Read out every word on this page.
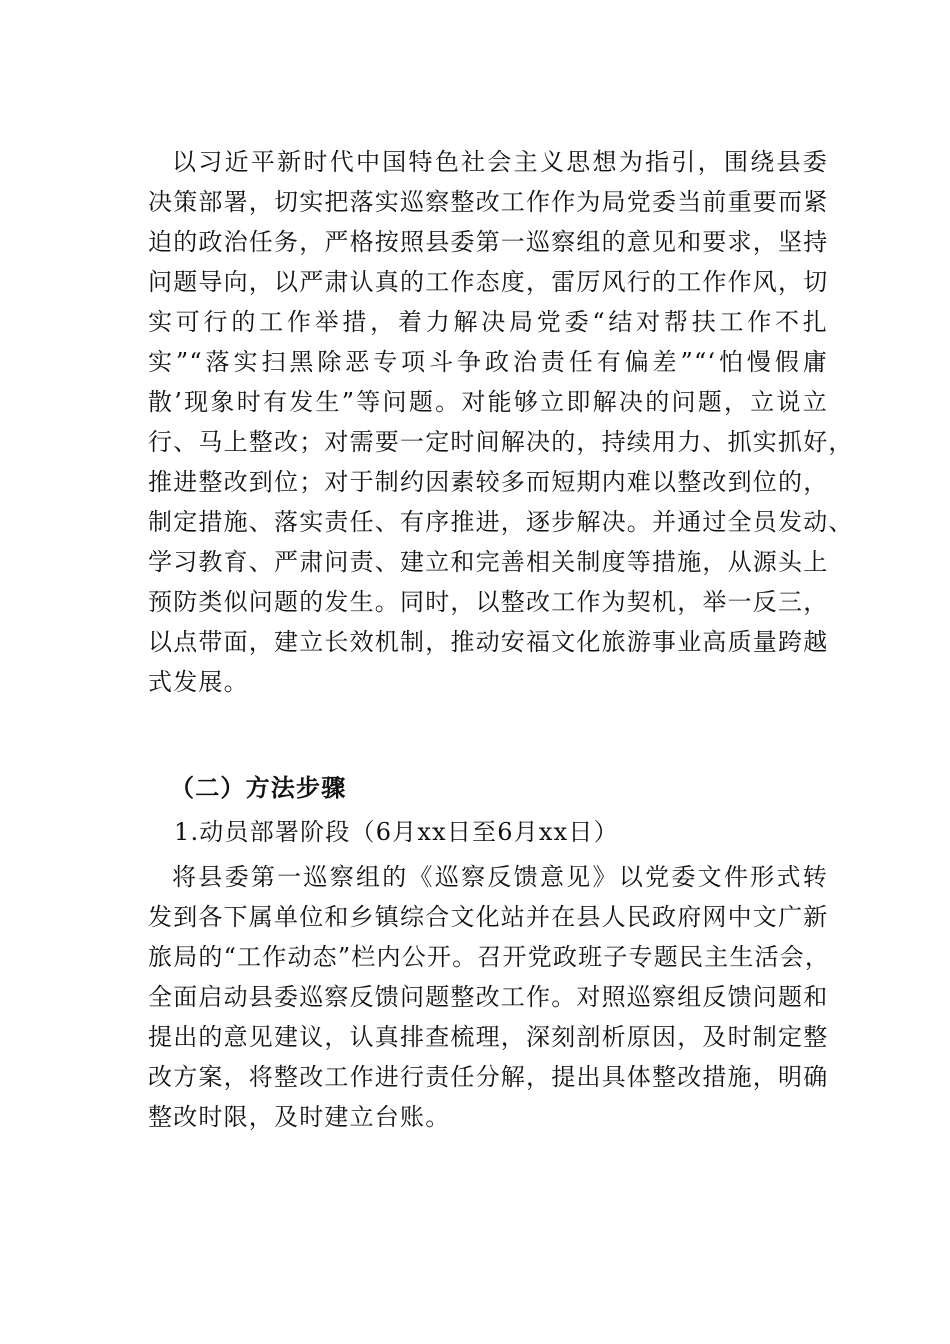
以习近平新时代中国特色社会主义思想为指引，围绕县委
决策部署，切实把落实巡察整改工作作为局党委当前重要而紧
迫的政治任务，严格按照县委第一巡察组的意见和要求，坚持
问题导向，以严肃认真的工作态度，雷厉风行的工作作风，切
实可行的工作举措，着力解决局党委“结对帮扶工作不扎
实”“落实扫黑除恶专项斗争政治责任有偏差”“‘怕慢假庸
散’现象时有发生”等问题。对能够立即解决的问题，立说立
行、马上整改；对需要一定时间解决的，持续用力、抓实抓好，
推进整改到位；对于制约因素较多而短期内难以整改到位的，
制定措施、落实责任、有序推进，逐步解决。并通过全员发动、
学习教育、严肃问责、建立和完善相关制度等措施，从源头上
预防类似问题的发生。同时，以整改工作为契机，举一反三，
以点带面，建立长效机制，推动安福文化旅游事业高质量跨越
式发展。
（二）方法步骤
1.动员部署阶段（6月xx日至6月xx日）
将县委第一巡察组的《巡察反馈意见》以党委文件形式转
发到各下属单位和乡镇综合文化站并在县人民政府网中文广新
旅局的“工作动态”栏内公开。召开党政班子专题民主生活会，
全面启动县委巡察反馈问题整改工作。对照巡察组反馈问题和
提出的意见建议，认真排查梳理，深刻剖析原因，及时制定整
改方案，将整改工作进行责任分解，提出具体整改措施，明确
整改时限，及时建立台账。
